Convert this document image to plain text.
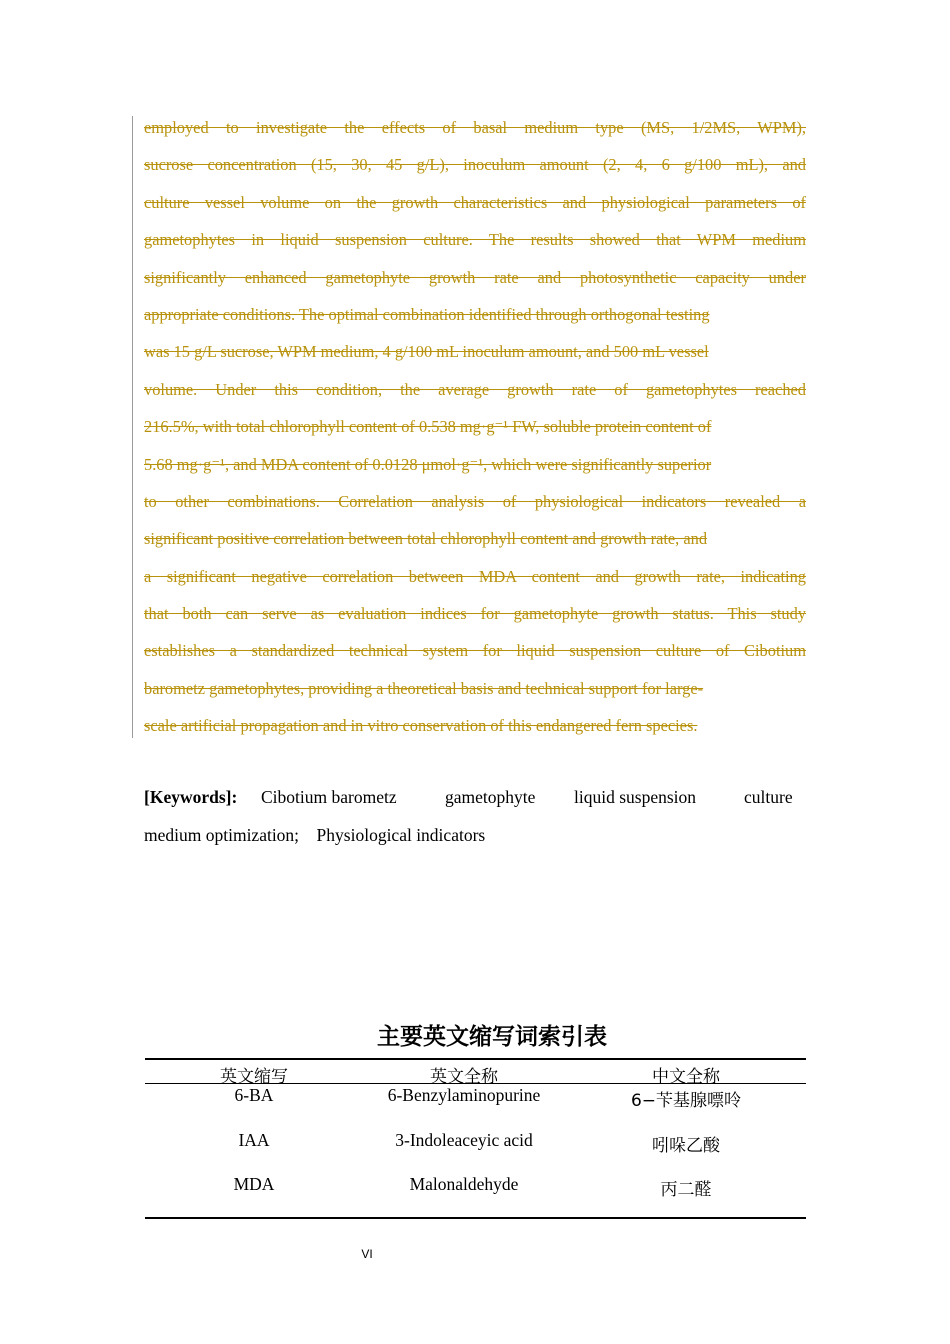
employed to investigate the effects of basal medium type (MS, 1/2MS, WPM),
sucrose concentration (15, 30, 45 g/L), inoculum amount (2, 4, 6 g/100 mL), and
culture vessel volume on the growth characteristics and physiological parameters of
gametophytes in liquid suspension culture. The results showed that WPM medium
significantly enhanced gametophyte growth rate and photosynthetic capacity under
appropriate conditions. The optimal combination identified through orthogonal testing
was 15 g/L sucrose, WPM medium, 4 g/100 mL inoculum amount, and 500 mL vessel
volume. Under this condition, the average growth rate of gametophytes reached
216.5%, with total chlorophyll content of 0.538 mg·g⁻¹ FW, soluble protein content of
5.68 mg·g⁻¹, and MDA content of 0.0128 μmol·g⁻¹, which were significantly superior
to other combinations. Correlation analysis of physiological indicators revealed a
significant positive correlation between total chlorophyll content and growth rate, and
a significant negative correlation between MDA content and growth rate, indicating
that both can serve as evaluation indices for gametophyte growth status. This study
establishes a standardized technical system for liquid suspension culture of Cibotium
barometz gametophytes, providing a theoretical basis and technical support for large-
scale artificial propagation and in vitro conservation of this endangered fern species.
[Keywords]: Cibotium barometz	gametophyte liquid suspension	culture
medium optimization;    Physiological indicators
主要英文缩写词索引表
英文缩写	英文全称	中文全称
6-BA	6-Benzylaminopurine	6−苄基腺嘌呤
IAA	3-Indoleaceyic acid	吲哚乙酸
MDA	Malonaldehyde	丙二醛
VI
